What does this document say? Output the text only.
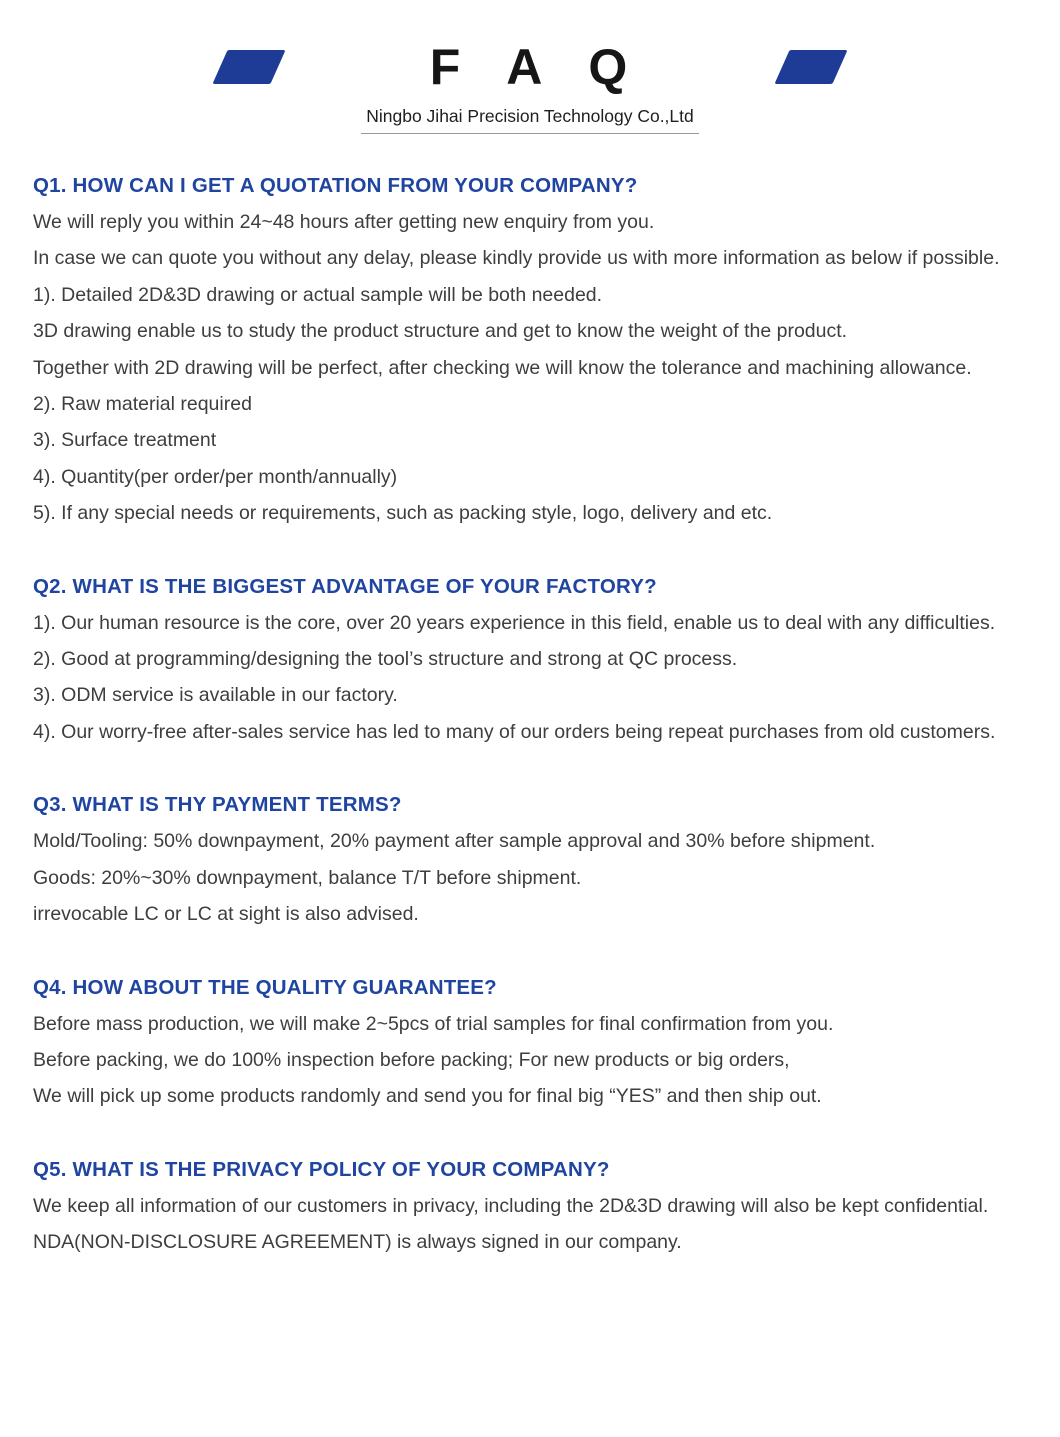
F A Q
Ningbo Jihai Precision Technology Co.,Ltd
Q1. HOW CAN I GET A QUOTATION FROM YOUR COMPANY?

We will reply you within 24~48 hours after getting new enquiry from you.

In case we can quote you without any delay, please kindly provide us with more information as below if possible.

1). Detailed 2D&3D drawing or actual sample will be both needed.

3D drawing enable us to study the product structure and get to know the weight of the product.

Together with 2D drawing will be perfect, after checking we will know the tolerance and machining allowance.

2). Raw material required

3). Surface treatment

4). Quantity(per order/per month/annually)

5). If any special needs or requirements, such as packing style, logo, delivery and etc.

Q2. WHAT IS THE BIGGEST ADVANTAGE OF YOUR FACTORY?

1). Our human resource is the core, over 20 years experience in this field, enable us to deal with any difficulties.

2). Good at programming/designing the tool’s structure and strong at QC process.

3). ODM service is available in our factory.

4). Our worry-free after-sales service has led to many of our orders being repeat purchases from old customers.

Q3. WHAT IS THY PAYMENT TERMS?

Mold/Tooling: 50% downpayment, 20% payment after sample approval and 30% before shipment.

Goods: 20%~30% downpayment, balance T/T before shipment.

irrevocable LC or LC at sight is also advised.

Q4. HOW ABOUT THE QUALITY GUARANTEE?

Before mass production, we will make 2~5pcs of trial samples for final confirmation from you.

Before packing, we do 100% inspection before packing; For new products or big orders,

We will pick up some products randomly and send you for final big “YES” and then ship out.

Q5. WHAT IS THE PRIVACY POLICY OF YOUR COMPANY?

We keep all information of our customers in privacy, including the 2D&3D drawing will also be kept confidential. NDA(NON-DISCLOSURE AGREEMENT) is always signed in our company.
